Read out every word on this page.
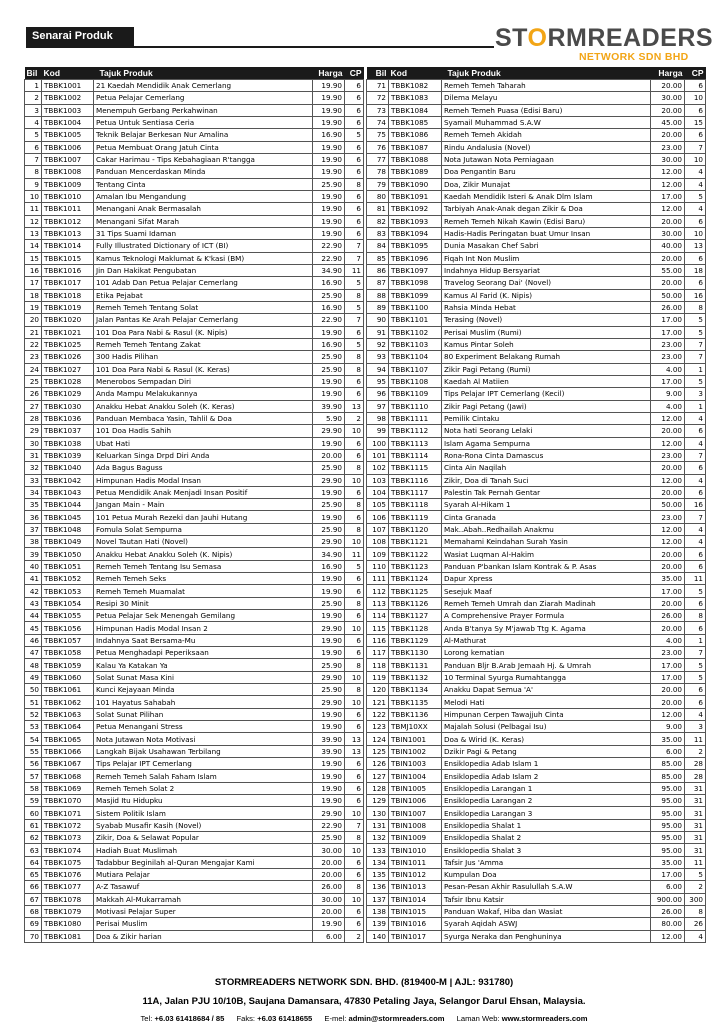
Senarai Produk	STORMREADERS
NETWORK SDN BHD
Bil	Kod	Tajuk Produk	Harga	CP
1	TBBK1001	21 Kaedah Mendidik Anak Cemerlang	19.90	6
2	TBBK1002	Petua Pelajar Cemerlang	19.90	6
3	TBBK1003	Menempuh Gerbang Perkahwinan	19.90	6
4	TBBK1004	Petua Untuk Sentiasa Ceria	19.90	6
5	TBBK1005	Teknik Belajar Berkesan Nur Amalina	16.90	5
6	TBBK1006	Petua Membuat Orang Jatuh Cinta	19.90	6
7	TBBK1007	Cakar Harimau - Tips Kebahagiaan R'tangga	19.90	6
8	TBBK1008	Panduan Mencerdaskan Minda	19.90	6
9	TBBK1009	Tentang Cinta	25.90	8
10	TBBK1010	Amalan Ibu Mengandung	19.90	6
11	TBBK1011	Menangani Anak Bermasalah	19.90	6
12	TBBK1012	Menangani Sifat Marah	19.90	6
13	TBBK1013	31 Tips Suami Idaman	19.90	6
14	TBBK1014	Fully Illustrated Dictionary of ICT (BI)	22.90	7
15	TBBK1015	Kamus Teknologi Maklumat & K'kasi (BM)	22.90	7
16	TBBK1016	Jin Dan Hakikat Pengubatan	34.90	11
17	TBBK1017	101 Adab Dan Petua Pelajar Cemerlang	16.90	5
18	TBBK1018	Etika Pejabat	25.90	8
19	TBBK1019	Remeh Temeh Tentang Solat	16.90	5
20	TBBK1020	Jalan Pantas Ke Arah Pelajar Cemerlang	22.90	7
21	TBBK1021	101 Doa Para Nabi & Rasul (K. Nipis)	19.90	6
22	TBBK1025	Remeh Temeh Tentang Zakat	16.90	5
23	TBBK1026	300 Hadis Pilihan	25.90	8
24	TBBK1027	101 Doa Para Nabi & Rasul (K. Keras)	25.90	8
25	TBBK1028	Menerobos Sempadan Diri	19.90	6
26	TBBK1029	Anda Mampu Melakukannya	19.90	6
27	TBBK1030	Anakku Hebat Anakku Soleh (K. Keras)	39.90	13
28	TBBK1036	Panduan Membaca Yasin, Tahlil & Doa	5.90	2
29	TBBK1037	101 Doa Hadis Sahih	29.90	10
30	TBBK1038	Ubat Hati	19.90	6
31	TBBK1039	Keluarkan Singa Drpd Diri Anda	20.00	6
32	TBBK1040	Ada Bagus Baguss	25.90	8
33	TBBK1042	Himpunan Hadis Modal Insan	29.90	10
34	TBBK1043	Petua Mendidik Anak Menjadi Insan Positif	19.90	6
35	TBBK1044	Jangan Main - Main	25.90	8
36	TBBK1045	101 Petua Murah Rezeki dan Jauhi Hutang	19.90	6
37	TBBK1048	Fomula Solat Sempurna	25.90	8
38	TBBK1049	Novel Tautan Hati (Novel)	29.90	10
39	TBBK1050	Anakku Hebat Anakku Soleh (K. Nipis)	34.90	11
40	TBBK1051	Remeh Temeh Tentang Isu Semasa	16.90	5
41	TBBK1052	Remeh Temeh Seks	19.90	6
42	TBBK1053	Remeh Temeh Muamalat	19.90	6
43	TBBK1054	Resipi 30 Minit	25.90	8
44	TBBK1055	Petua Pelajar Sek Menengah Gemilang	19.90	6
45	TBBK1056	Himpunan Hadis Modal Insan 2	29.90	10
46	TBBK1057	Indahnya Saat Bersama-Mu	19.90	6
47	TBBK1058	Petua Menghadapi Peperiksaan	19.90	6
48	TBBK1059	Kalau Ya Katakan Ya	25.90	8
49	TBBK1060	Solat Sunat Masa Kini	29.90	10
50	TBBK1061	Kunci Kejayaan Minda	25.90	8
51	TBBK1062	101 Hayatus Sahabah	29.90	10
52	TBBK1063	Solat Sunat Pilihan	19.90	6
53	TBBK1064	Petua Menangani Stress	19.90	6
54	TBBK1065	Nota Jutawan Nota Motivasi	39.90	13
55	TBBK1066	Langkah Bijak Usahawan Terbilang	39.90	13
56	TBBK1067	Tips Pelajar IPT Cemerlang	19.90	6
57	TBBK1068	Remeh Temeh Salah Faham Islam	19.90	6
58	TBBK1069	Remeh Temeh Solat 2	19.90	6
59	TBBK1070	Masjid Itu Hidupku	19.90	6
60	TBBK1071	Sistem Politik Islam	29.90	10
61	TBBK1072	Syabab Musafir Kasih (Novel)	22.90	7
62	TBBK1073	Zikir, Doa & Selawat Popular	25.90	8
63	TBBK1074	Hadiah Buat Muslimah	30.00	10
64	TBBK1075	Tadabbur Beginilah al-Quran Mengajar Kami	20.00	6
65	TBBK1076	Mutiara Pelajar	20.00	6
66	TBBK1077	A-Z Tasawuf	26.00	8
67	TBBK1078	Makkah Al-Mukarramah	30.00	10
68	TBBK1079	Motivasi Pelajar Super	20.00	6
69	TBBK1080	Perisai Muslim	19.90	6
70	TBBK1081	Doa & Zikir harian	6.00	2
Bil	Kod	Tajuk Produk	Harga	CP
71	TBBK1082	Remeh Temeh Taharah	20.00	6
72	TBBK1083	Dilema Melayu	30.00	10
73	TBBK1084	Remeh Temeh Puasa (Edisi Baru)	20.00	6
74	TBBK1085	Syamail Muhammad S.A.W	45.00	15
75	TBBK1086	Remeh Temeh Akidah	20.00	6
76	TBBK1087	Rindu Andalusia (Novel)	23.00	7
77	TBBK1088	Nota Jutawan Nota Perniagaan	30.00	10
78	TBBK1089	Doa Pengantin Baru	12.00	4
79	TBBK1090	Doa, Zikir Munajat	12.00	4
80	TBBK1091	Kaedah Mendidik Isteri & Anak Dlm Islam	17.00	5
81	TBBK1092	Tarbiyah Anak-Anak degan Zikir & Doa	12.00	4
82	TBBK1093	Remeh Temeh Nikah Kawin (Edisi Baru)	20.00	6
83	TBBK1094	Hadis-Hadis Peringatan buat Umur Insan	30.00	10
84	TBBK1095	Dunia Masakan Chef Sabri	40.00	13
85	TBBK1096	Fiqah Int Non Muslim	20.00	6
86	TBBK1097	Indahnya Hidup Bersyariat	55.00	18
87	TBBK1098	Travelog Seorang Dai' (Novel)	20.00	6
88	TBBK1099	Kamus Al Farid (K. Nipis)	50.00	16
89	TBBK1100	Rahsia Minda Hebat	26.00	8
90	TBBK1101	Terasing (Novel)	17.00	5
91	TBBK1102	Perisai Muslim (Rumi)	17.00	5
92	TBBK1103	Kamus Pintar Soleh	23.00	7
93	TBBK1104	80 Experiment Belakang Rumah	23.00	7
94	TBBK1107	Zikir Pagi Petang (Rumi)	4.00	1
95	TBBK1108	Kaedah Al Matiien	17.00	5
96	TBBK1109	Tips Pelajar IPT Cemerlang (Kecil)	9.00	3
97	TBBK1110	Zikir Pagi Petang (Jawi)	4.00	1
98	TBBK1111	Pemilik Cintaku	12.00	4
99	TBBK1112	Nota hati Seorang Lelaki	20.00	6
100	TBBK1113	Islam Agama Sempurna	12.00	4
101	TBBK1114	Rona-Rona Cinta Damascus	23.00	7
102	TBBK1115	Cinta Ain Naqilah	20.00	6
103	TBBK1116	Zikir, Doa di Tanah Suci	12.00	4
104	TBBK1117	Palestin Tak Pernah Gentar	20.00	6
105	TBBK1118	Syarah Al-Hikam 1	50.00	16
106	TBBK1119	Cinta Granada	23.00	7
107	TBBK1120	Mak..Abah..Redhailah Anakmu	12.00	4
108	TBBK1121	Memahami Keindahan Surah Yasin	12.00	4
109	TBBK1122	Wasiat Luqman Al-Hakim	20.00	6
110	TBBK1123	Panduan P'bankan Islam Kontrak & P. Asas	20.00	6
111	TBBK1124	Dapur Xpress	35.00	11
112	TBBK1125	Sesejuk Maaf	17.00	5
113	TBBK1126	Remeh Temeh Umrah dan Ziarah Madinah	20.00	6
114	TBBK1127	A Comprehensive Prayer Formula	26.00	8
115	TBBK1128	Anda B'tanya Sy M'jawab Ttg K. Agama	20.00	6
116	TBBK1129	Al-Mathurat	4.00	1
117	TBBK1130	Lorong kematian	23.00	7
118	TBBK1131	Panduan Bljr B.Arab Jemaah Hj. & Umrah	17.00	5
119	TBBK1132	10 Terminal Syurga Rumahtangga	17.00	5
120	TBBK1134	Anakku Dapat Semua 'A'	20.00	6
121	TBBK1135	Melodi Hati	20.00	6
122	TBBK1136	Himpunan Cerpen Tawajjuh Cinta	12.00	4
123	TBMJ10XX	Majalah Solusi (Pelbagai Isu)	9.00	3
124	TBIN1001	Doa & Wirid (K. Keras)	35.00	11
125	TBIN1002	Dzikir Pagi & Petang	6.00	2
126	TBIN1003	Ensiklopedia Adab Islam 1	85.00	28
127	TBIN1004	Ensiklopedia Adab Islam 2	85.00	28
128	TBIN1005	Ensiklopedia Larangan 1	95.00	31
129	TBIN1006	Ensiklopedia Larangan 2	95.00	31
130	TBIN1007	Ensiklopedia Larangan 3	95.00	31
131	TBIN1008	Ensiklopedia Shalat 1	95.00	31
132	TBIN1009	Ensiklopedia Shalat 2	95.00	31
133	TBIN1010	Ensiklopedia Shalat 3	95.00	31
134	TBIN1011	Tafsir Jus 'Amma	35.00	11
135	TBIN1012	Kumpulan Doa	17.00	5
136	TBIN1013	Pesan-Pesan Akhir Rasulullah S.A.W	6.00	2
137	TBIN1014	Tafsir Ibnu Katsir	900.00	300
138	TBIN1015	Panduan Wakaf, Hiba dan Wasiat	26.00	8
139	TBIN1016	Syarah Aqidah ASWJ	80.00	26
140	TBIN1017	Syurga Neraka dan Penghuninya	12.00	4
STORMREADERS NETWORK SDN. BHD. (819400-M | AJL: 931780)
11A, Jalan PJU 10/10B, Saujana Damansara, 47830 Petaling Jaya, Selangor Darul Ehsan, Malaysia.
Tel: +6.03 61418684 / 85 Faks: +6.03 61418655 E-mel: admin@stormreaders.com Laman Web: www.stormreaders.com
